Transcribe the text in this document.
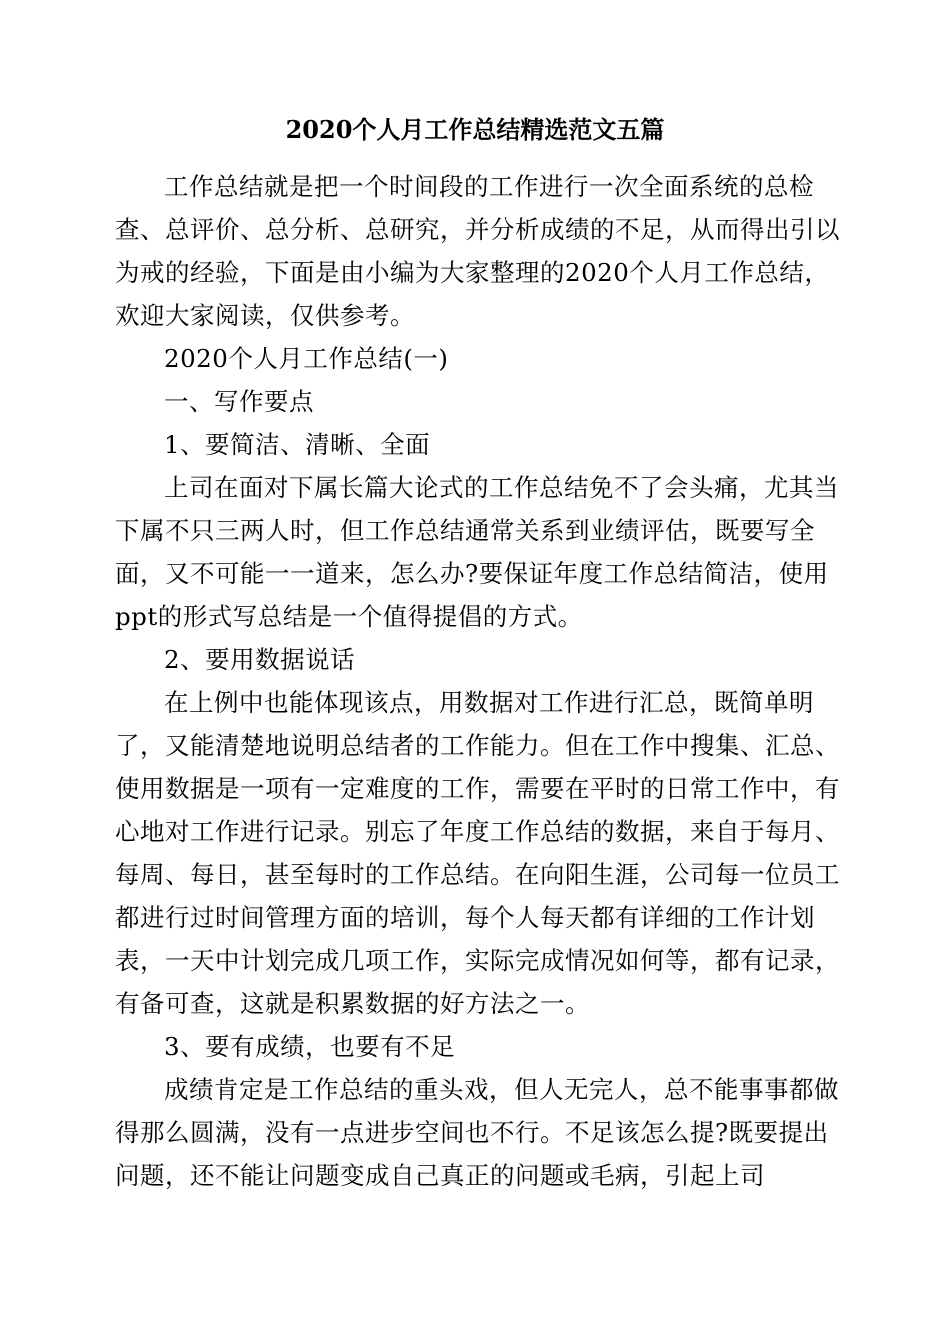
2020个人月工作总结精选范文五篇

工作总结就是把一个时间段的工作进行一次全面系统的总检查、总评价、总分析、总研究，并分析成绩的不足，从而得出引以为戒的经验，下面是由小编为大家整理的2020个人月工作总结，欢迎大家阅读，仅供参考。

2020个人月工作总结(一)

一、写作要点

1、要简洁、清晰、全面

上司在面对下属长篇大论式的工作总结免不了会头痛，尤其当下属不只三两人时，但工作总结通常关系到业绩评估，既要写全面，又不可能一一道来，怎么办?要保证年度工作总结简洁，使用ppt的形式写总结是一个值得提倡的方式。

2、要用数据说话

在上例中也能体现该点，用数据对工作进行汇总，既简单明了，又能清楚地说明总结者的工作能力。但在工作中搜集、汇总、使用数据是一项有一定难度的工作，需要在平时的日常工作中，有心地对工作进行记录。别忘了年度工作总结的数据，来自于每月、每周、每日，甚至每时的工作总结。在向阳生涯，公司每一位员工都进行过时间管理方面的培训，每个人每天都有详细的工作计划表，一天中计划完成几项工作，实际完成情况如何等，都有记录，有备可查，这就是积累数据的好方法之一。

3、要有成绩，也要有不足

成绩肯定是工作总结的重头戏，但人无完人，总不能事事都做得那么圆满，没有一点进步空间也不行。不足该怎么提?既要提出问题，还不能让问题变成自己真正的问题或毛病，引起上司
